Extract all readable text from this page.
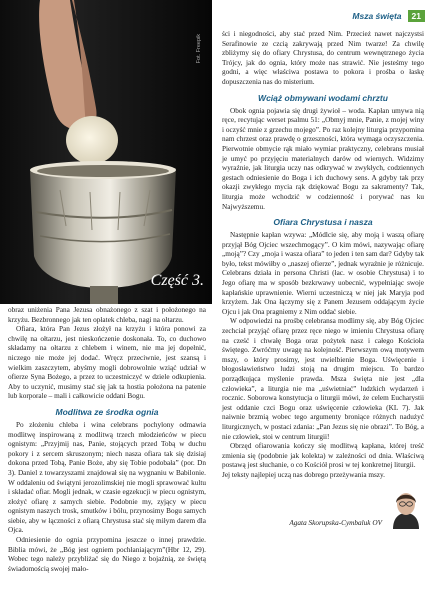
Msza święta	21
Fot. Freepik
Część 3.

obraz uniżenia Pana Jezusa obnażonego z szat i położonego na krzyżu. Bezbronnego jak ten opłatek chleba, nagi na ołtarzu.

Ofiara, która Pan Jezus złożył na krzyżu i która ponowi za chwilę na ołtarzu, jest nieskończenie doskonała. To, co duchowo składamy na ołtarzu z chlebem i winem, nie ma jej dopełnić, niczego nie może jej dodać. Wręcz przeciwnie, jest szansą i wielkim zaszczytem, abyśmy mogli dobrowolnie wziąć udział w ofierze Syna Bożego, a przez to uczestniczyć w dziele odkupienia. Aby to uczynić, musimy stać się jak ta hostia położona na patenie lub korporale – mali i całkowicie oddani Bogu.

Modlitwa ze środka ognia

Po złożeniu chleba i wina celebrans pochylony odmawia modlitwę inspirowaną z modlitwą trzech młodzieńców w piecu ognistym: „Przyjmij nas, Panie, stojących przed Tobą w duchu pokory i z sercem skruszonym; niech nasza ofiara tak się dzisiaj dokona przed Tobą, Panie Boże, aby się Tobie podobała” (por. Dn 3). Daniel z towarzyszami znajdował się na wygnaniu w Babilonie. W oddaleniu od świątyni jerozolimskiej nie mogli sprawować kultu i składać ofiar. Mogli jednak, w czasie egzekucji w piecu ognistym, złożyć ofiarę z samych siebie. Podobnie my, zyjący w piecu ognistym naszych trosk, smutków i bólu, przynosimy Bogu samych siebie, aby w łączności z ofiarą Chrystusa stać się miłym darem dla Ojca.

Odniesienie do ognia przypomina jeszcze o innej prawdzie. Biblia mówi, że „Bóg jest ogniem pochłaniającym”(Hbr 12, 29). Wobec tego należy przybliżać się do Niego z bojaźnią, ze świętą świadomością swojej mało-

ści i niegodności, aby stać przed Nim. Przecież nawet najczystsi Serafinowie ze czcią zakrywają przed Nim twarze! Za chwilę zbliżymy się do ofiary Chrystusa, do centrum wewnętrznego życia Trójcy, jak do ognia, który może nas strawić. Nie jesteśmy tego godni, a więc właściwa postawa to pokora i prośba o łaskę dopuszczenia nas do misterium.

Wciąż obmywani wodami chrztu

Obok ognia pojawia się drugi żywioł – woda. Kapłan umywa nią ręce, recytując werset psalmu 51: „Obmyj mnie, Panie, z mojej winy i oczyść mnie z grzechu mojego”. Po raz kolejny liturgia przypomina nam chrzest oraz prawdę o grzeszności, która wymaga oczyszczenia. Pierwotnie obmycie rąk miało wymiar praktyczny, celebrans musiał je umyć po przyjęciu materialnych darów od wiernych. Widzimy wyraźnie, jak liturgia uczy nas odkrywać w zwykłych, codziennych gestach odniesienie do Boga i ich duchowy sens. A gdyby tak przy okazji zwykłego mycia rąk dziękować Bogu za sakramenty? Tak, liturgia może wchodzić w codzienność i porywać nas ku Najwyższemu.

Ofiara Chrystusa i nasza

Następnie kapłan wzywa: „Módlcie się, aby moją i waszą ofiarę przyjął Bóg Ojciec wszechmogący”. O kim mówi, nazywając ofiarę „moją”? Czy „moja i wasza ofiara” to jeden i ten sam dar? Gdyby tak było, tekst mówiłby o „naszej ofierze”, jednak wyraźnie je różnicuje. Celebrans działa in persona Christi (łac. w osobie Chrystusa) i to Jego ofiarę ma w sposób bezkrwawy uobecnić, wypełniając swoje kapłańskie uprawnienie. Wierni uczestniczą w niej jak Maryja pod krzyżem. Jak Ona łączymy się z Panem Jezusem oddającym życie Ojcu i jak Ona pragniemy z Nim oddać siebie.

W odpowiedzi na prośbę celebransa modlimy się, aby Bóg Ojciec zechciał przyjąć ofiarę przez ręce niego w imieniu Chrystusa ofiarę na cześć i chwałę Boga oraz pożytek nasz i całego Kościoła świętego. Zwróćmy uwagę na kolejność. Pierwszym ową motywem mszy, o który prosimy, jest uwielbienie Boga. Uświęcenie i błogosławieństwo ludzi stoją na drugim miejscu. To bardzo porządkująca myślenie prawda. Msza święta nie jest „dla człowieka”, a liturgia nie ma „uświetniać” ludzkich wydarzeń i rocznic. Soborowa konstytucja o liturgii mówi, że celem Eucharystii jest oddanie czci Bogu oraz uświęcenie człowieka (KL 7). Jak naiwnie brzmią wobec tego argumenty broniące różnych nadużyć liturgicznych, w postaci zdania: „Pan Jezus się nie obrazi”. To Bóg, a nie człowiek, stoi w centrum liturgii!

Obrzęd ofiarowania kończy się modlitwą kapłana, której treść zmienia się (podobnie jak kolekta) w zależności od dnia. Właściwą postawą jest słuchanie, o co Kościół prosi w tej konkretnej liturgii.

Jej teksty najlepiej uczą nas dobrego przeżywania mszy.

Agata Skorupska-Cymbaluk OV
